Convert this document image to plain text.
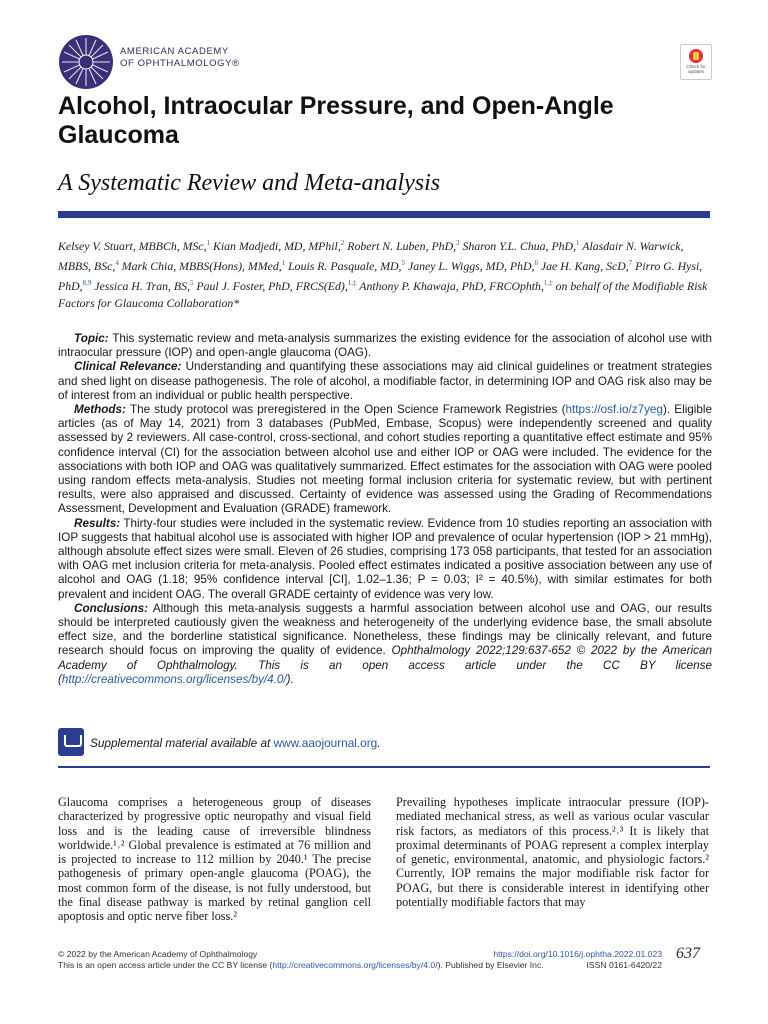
AMERICAN ACADEMY
OF OPHTHALMOLOGY®	Check for updates
Alcohol, Intraocular Pressure, and Open-Angle Glaucoma
A Systematic Review and Meta-analysis
Kelsey V. Stuart, MBBCh, MSc,$^1$ Kian Madjedi, MD, MPhil,$^2$ Robert N. Luben, PhD,$^3$ Sharon Y.L. Chua, PhD,$^1$ Alasdair N. Warwick, MBBS, BSc,$^4$ Mark Chia, MBBS(Hons), MMed,$^1$ Louis R. Pasquale, MD,$^5$ Janey L. Wiggs, MD, PhD,$^6$ Jae H. Kang, ScD,$^7$ Pirro G. Hysi, PhD,$^{8,9}$ Jessica H. Tran, BS,$^5$ Paul J. Foster, PhD, FRCS(Ed),$^{1,\ddagger}$ Anthony P. Khawaja, PhD, FRCOphth,$^{1,\ddagger}$ on behalf of the Modifiable Risk Factors for Glaucoma Collaboration*

Topic: This systematic review and meta-analysis summarizes the existing evidence for the association of alcohol use with intraocular pressure (IOP) and open-angle glaucoma (OAG).

Clinical Relevance: Understanding and quantifying these associations may aid clinical guidelines or treatment strategies and shed light on disease pathogenesis. The role of alcohol, a modifiable factor, in determining IOP and OAG risk also may be of interest from an individual or public health perspective.

Methods: The study protocol was preregistered in the Open Science Framework Registries (https://osf.io/z7yeg). Eligible articles (as of May 14, 2021) from 3 databases (PubMed, Embase, Scopus) were independently screened and quality assessed by 2 reviewers. All case-control, cross-sectional, and cohort studies reporting a quantitative effect estimate and 95% confidence interval (CI) for the association between alcohol use and either IOP or OAG were included. The evidence for the associations with both IOP and OAG was qualitatively summarized. Effect estimates for the association with OAG were pooled using random effects meta-analysis. Studies not meeting formal inclusion criteria for systematic review, but with pertinent results, were also appraised and discussed. Certainty of evidence was assessed using the Grading of Recommendations Assessment, Development and Evaluation (GRADE) framework.

Results: Thirty-four studies were included in the systematic review. Evidence from 10 studies reporting an association with IOP suggests that habitual alcohol use is associated with higher IOP and prevalence of ocular hypertension (IOP > 21 mmHg), although absolute effect sizes were small. Eleven of 26 studies, comprising 173 058 participants, that tested for an association with OAG met inclusion criteria for meta-analysis. Pooled effect estimates indicated a positive association between any use of alcohol and OAG (1.18; 95% confidence interval [CI], 1.02–1.36; P = 0.03; I² = 40.5%), with similar estimates for both prevalent and incident OAG. The overall GRADE certainty of evidence was very low.

Conclusions: Although this meta-analysis suggests a harmful association between alcohol use and OAG, our results should be interpreted cautiously given the weakness and heterogeneity of the underlying evidence base, the small absolute effect size, and the borderline statistical significance. Nonetheless, these findings may be clinically relevant, and future research should focus on improving the quality of evidence. Ophthalmology 2022;129:637-652 © 2022 by the American Academy of Ophthalmology. This is an open access article under the CC BY license (http://creativecommons.org/licenses/by/4.0/).

Supplemental material available at www.aaojournal.org.
Glaucoma comprises a heterogeneous group of diseases characterized by progressive optic neuropathy and visual field loss and is the leading cause of irreversible blindness worldwide.¹˒² Global prevalence is estimated at 76 million and is projected to increase to 112 million by 2040.¹ The precise pathogenesis of primary open-angle glaucoma (POAG), the most common form of the disease, is not fully understood, but the final disease pathway is marked by retinal ganglion cell apoptosis and optic nerve fiber loss.²
Prevailing hypotheses implicate intraocular pressure (IOP)-mediated mechanical stress, as well as various ocular vascular risk factors, as mediators of this process.²˒³ It is likely that proximal determinants of POAG represent a complex interplay of genetic, environmental, anatomic, and physiologic factors.² Currently, IOP remains the major modifiable risk factor for POAG, but there is considerable interest in identifying other potentially modifiable factors that may
© 2022 by the American Academy of Ophthalmology
This is an open access article under the CC BY license (http://creativecommons.org/licenses/by/4.0/). Published by Elsevier Inc.
https://doi.org/10.1016/j.ophtha.2022.01.023
ISSN 0161-6420/22
637
